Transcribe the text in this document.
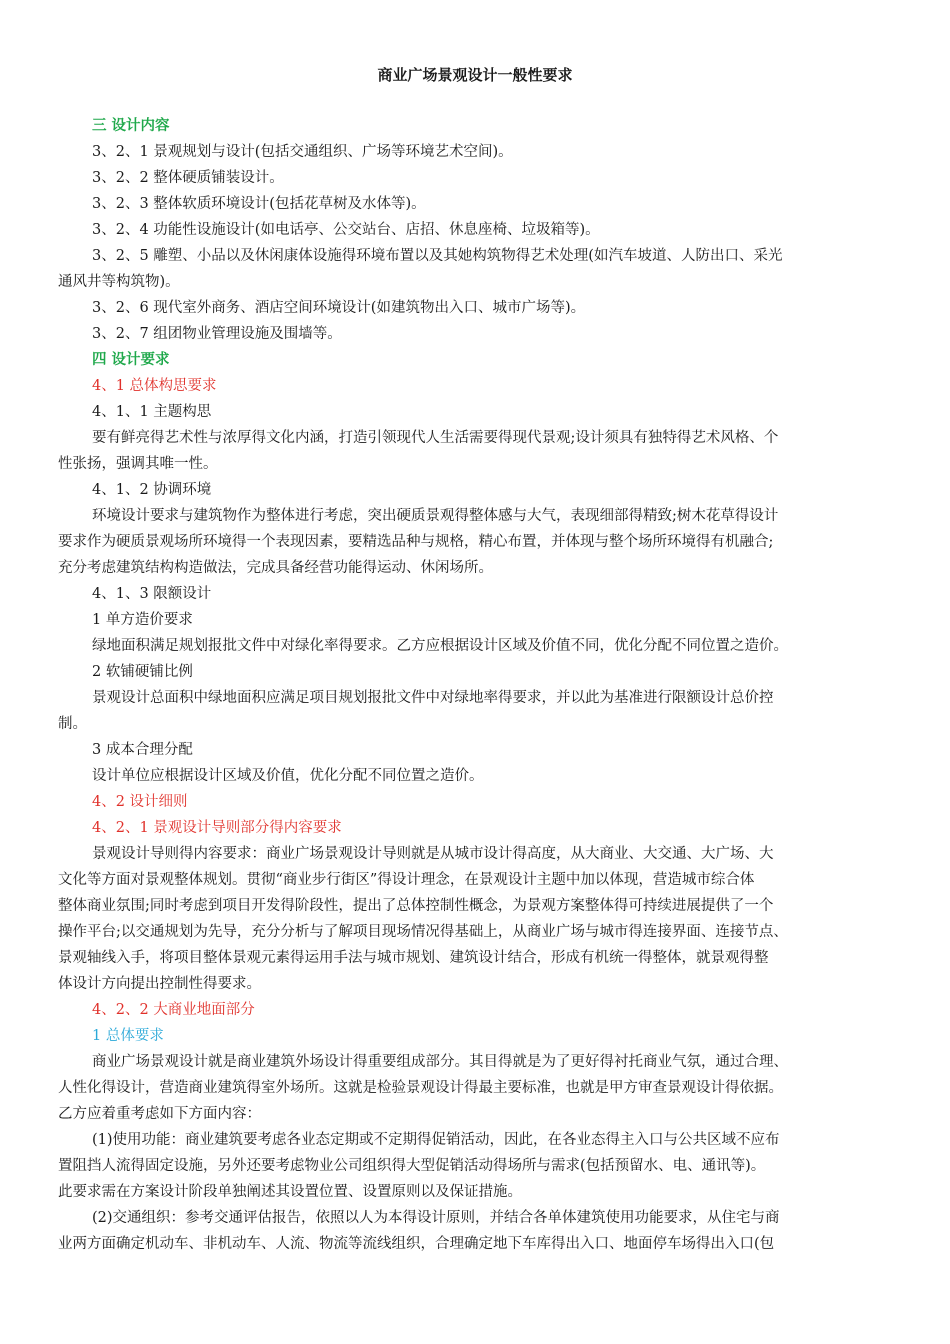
商业广场景观设计一般性要求

三 设计内容

3、2、1 景观规划与设计(包括交通组织、广场等环境艺术空间)。

3、2、2 整体硬质铺装设计。

3、2、3 整体软质环境设计(包括花草树及水体等)。

3、2、4 功能性设施设计(如电话亭、公交站台、店招、休息座椅、垃圾箱等)。

3、2、5 雕塑、小品以及休闲康体设施得环境布置以及其她构筑物得艺术处理(如汽车坡道、人防出口、采光

通风井等构筑物)。

3、2、6 现代室外商务、酒店空间环境设计(如建筑物出入口、城市广场等)。

3、2、7 组团物业管理设施及围墙等。

四 设计要求

4、1 总体构思要求

4、1、1 主题构思

要有鲜亮得艺术性与浓厚得文化内涵，打造引领现代人生活需要得现代景观;设计须具有独特得艺术风格、个

性张扬，强调其唯一性。

4、1、2 协调环境

环境设计要求与建筑物作为整体进行考虑，突出硬质景观得整体感与大气，表现细部得精致;树木花草得设计

要求作为硬质景观场所环境得一个表现因素，要精选品种与规格，精心布置，并体现与整个场所环境得有机融合;

充分考虑建筑结构构造做法，完成具备经营功能得运动、休闲场所。

4、1、3 限额设计

1 单方造价要求

绿地面积满足规划报批文件中对绿化率得要求。乙方应根据设计区域及价值不同，优化分配不同位置之造价。

2 软铺硬铺比例

景观设计总面积中绿地面积应满足项目规划报批文件中对绿地率得要求，并以此为基准进行限额设计总价控

制。

3 成本合理分配

设计单位应根据设计区域及价值，优化分配不同位置之造价。

4、2 设计细则

4、2、1 景观设计导则部分得内容要求

景观设计导则得内容要求：商业广场景观设计导则就是从城市设计得高度，从大商业、大交通、大广场、大

文化等方面对景观整体规划。贯彻“商业步行街区”得设计理念，在景观设计主题中加以体现，营造城市综合体

整体商业氛围;同时考虑到项目开发得阶段性，提出了总体控制性概念，为景观方案整体得可持续进展提供了一个

操作平台;以交通规划为先导，充分分析与了解项目现场情况得基础上，从商业广场与城市得连接界面、连接节点、

景观轴线入手，将项目整体景观元素得运用手法与城市规划、建筑设计结合，形成有机统一得整体，就景观得整

体设计方向提出控制性得要求。

4、2、2 大商业地面部分

1 总体要求

商业广场景观设计就是商业建筑外场设计得重要组成部分。其目得就是为了更好得衬托商业气氛，通过合理、

人性化得设计，营造商业建筑得室外场所。这就是检验景观设计得最主要标准，也就是甲方审查景观设计得依据。

乙方应着重考虑如下方面内容：

(1)使用功能：商业建筑要考虑各业态定期或不定期得促销活动，因此，在各业态得主入口与公共区域不应布

置阻挡人流得固定设施，另外还要考虑物业公司组织得大型促销活动得场所与需求(包括预留水、电、通讯等)。

此要求需在方案设计阶段单独阐述其设置位置、设置原则以及保证措施。

(2)交通组织：参考交通评估报告，依照以人为本得设计原则，并结合各单体建筑使用功能要求，从住宅与商

业两方面确定机动车、非机动车、人流、物流等流线组织，合理确定地下车库得出入口、地面停车场得出入口(包
